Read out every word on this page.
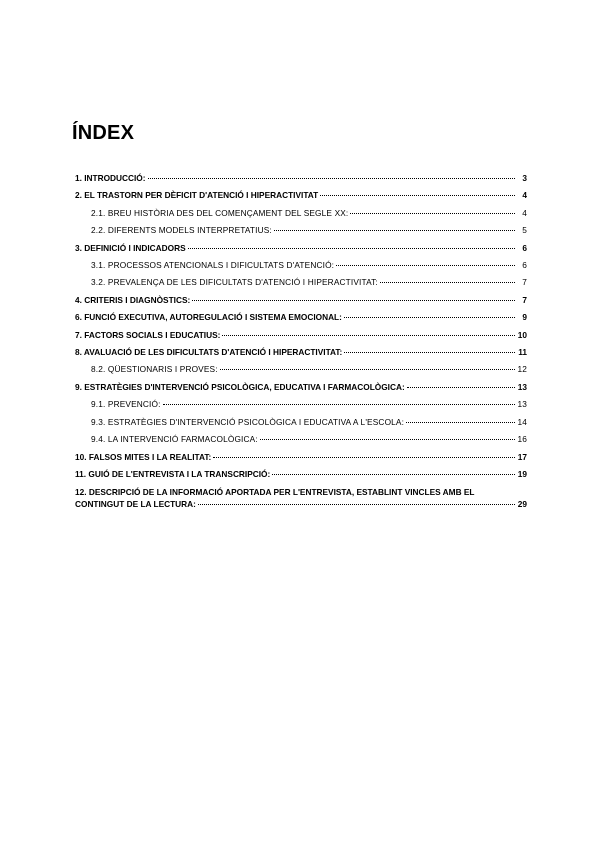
ÍNDEX
1. INTRODUCCIÓ:	3
2. EL TRASTORN PER DÈFICIT D'ATENCIÓ I HIPERACTIVITAT	4
2.1. BREU HISTÒRIA DES DEL COMENÇAMENT DEL SEGLE XX:	4
2.2. DIFERENTS MODELS INTERPRETATIUS:	5
3. DEFINICIÓ I INDICADORS	6
3.1. PROCESSOS ATENCIONALS I DIFICULTATS D'ATENCIÓ:	6
3.2. PREVALENÇA DE LES DIFICULTATS D'ATENCIÓ I HIPERACTIVITAT:	7
4. CRITERIS I DIAGNÒSTICS:	7
6. FUNCIÓ EXECUTIVA, AUTOREGULACIÓ I SISTEMA EMOCIONAL:	9
7. FACTORS SOCIALS I EDUCATIUS:	10
8. AVALUACIÓ DE LES DIFICULTATS D'ATENCIÓ I HIPERACTIVITAT:	11
8.2. QÜESTIONARIS I PROVES:	12
9. ESTRATÈGIES D'INTERVENCIÓ PSICOLÒGICA, EDUCATIVA I FARMACOLÒGICA:	13
9.1. PREVENCIÓ:	13
9.3. ESTRATÈGIES D'INTERVENCIÓ PSICOLÒGICA I EDUCATIVA A L'ESCOLA:	14
9.4. LA INTERVENCIÓ FARMACOLÒGICA:	16
10. FALSOS MITES I LA REALITAT:	17
11. GUIÓ DE L'ENTREVISTA I LA TRANSCRIPCIÓ:	19
12. DESCRIPCIÓ DE LA INFORMACIÓ APORTADA PER L'ENTREVISTA, ESTABLINT VINCLES AMB EL
CONTINGUT DE LA LECTURA:	29
